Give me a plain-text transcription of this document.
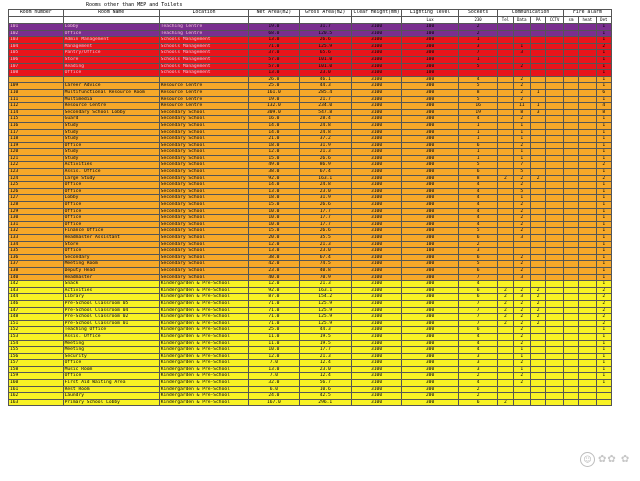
Rooms other than MEP and Toilets
Room number	Room Name	Location	Net Area(m2)	Gross Area(m2)	Clear Height(mm)	Lighting level	Sockets	Communication				Fire alarm		
						Lux	230	Tel	Data	PA	CCTV	sm	heat	Det
101	Lobby	Teaching Centre	19.0	31.7	3100	100	2							1
102	Office	Teaching Centre	68.0	120.5	3100	100	2							1
103	Admin Management	Schools Management	13.0	26.6	3100	300	1							1
104	Management	Schools Management	71.0	125.9	3100	300	3		1					2
105	Pantry/Office	Schools Management	37.0	65.6	3100	300	7		3					1
106	Store	Schools Management	57.0	101.0	3100	100	1							1
107	Reading	Schools Management	57.0	101.0	3100	300	5		2					1
108	Office	Schools Management	13.0	23.0	3100	100								1
			26.0	46.1	3100	300	4		2					1
109	Career Advice	Resource Centre	25.0	44.3	3100	300	5		2					1
110	Multifunctional Resource Room	Resource Centre	161.0	285.4	3100	300	8		2	1				6
111	Multimedia	Resource Centre	19.0	21.7	3100	300	5		2					1
112	Resource Centre	Resource Centre	132.0	234.0	3100	300	16		11	1				4
114	Secondary School Lobby	Secondary School	309.0	547.8	3100	300	19		8	3				8
115	Guard	Secondary School	16.0	28.4	3100	300	4		2					1
116	Study	Secondary School	14.0	24.8	3100	300	1		1					1
117	Study	Secondary School	14.0	24.8	3100	300	1		1					1
118	Study	Secondary School	21.0	37.2	3100	300	1		1					1
119	Office	Secondary School	18.0	31.9	3100	300	6		2					1
120	Study	Secondary School	12.0	21.3	3100	300	1		1					1
121	Study	Secondary School	15.0	26.6	3100	300	1		1					1
122	Activities	Secondary School	49.0	86.9	3100	300	5		7					2
123	Assis. Office	Secondary School	38.0	67.4	3100	300	6		5					1
124	Large Study	Secondary School	92.0	163.1	3100	300	8	2	2	2				2
125	Office	Secondary School	14.0	24.8	3100	300	4		2					1
126	Office	Secondary School	13.0	23.0	3100	300	4		5					1
127	Lobby	Secondary School	18.0	31.9	3100	300	4		1					1
128	Office	Secondary School	15.0	26.6	3100	300	4		2					1
129	Office	Secondary School	10.0	17.7	3100	300	4		2					1
130	Office	Secondary School	10.0	17.7	3100	300	4		2					1
131	Office	Secondary School	10.0	17.7	3100	300	4		2					1
132	Finance Office	Secondary School	15.0	26.6	3100	300	5		2					1
133	Headmaster Assistant	Secondary School	20.0	35.5	3100	300	6		3					1
134	Store	Secondary School	12.0	21.3	3100	100	2							1
135	Office	Secondary School	13.0	23.0	3100	100	3							1
136	Secondary	Secondary School	38.0	67.4	3100	300	6		2					1
137	Meeting Room	Secondary School	42.0	74.5	3100	300	5		2					1
138	Deputy Head	Secondary School	23.0	40.8	3100	300	6		2					1
140	Headmaster	Secondary School	40.0	70.9	3100	300	7		3					1
142	Snack	Kindergarden & Pre-School	12.0	21.3	3100	300	4							1
143	Activities	Kindergarden & Pre-School	92.0	163.1	3100	300	6	2	2	2				2
144	Library	Kindergarden & Pre-School	87.0	154.2	3100	300	6	2	3	2				2
146	Pre-School Classroom 05	Kindergarden & Pre-School	71.0	125.9	3100	300	7	2	2	2				2
147	Pre-School Classroom 04	Kindergarden & Pre-School	71.0	125.9	3100	300	7	2	2	2				2
148	Pre-School Classroom 02	Kindergarden & Pre-School	71.0	125.9	3100	300	7	2	2	2				2
151	Pre-School Classroom 01	Kindergarden & Pre-School	71.0	125.9	3100	300	7	2	2	2				2
152	Teaching Office	Kindergarden & Pre-School	25.0	44.3	3100	300	6		2					1
153	Assis. Office	Kindergarden & Pre-School	11.0	19.5	3100	300	4		2					1
154	Meeting	Kindergarden & Pre-School	11.0	19.5	3100	300	4		2					1
155	Meeting	Kindergarden & Pre-School	10.0	17.7	3100	300	4		1					1
156	Security	Kindergarden & Pre-School	12.0	21.3	3100	300	3		1					1
157	Office	Kindergarden & Pre-School	7.0	12.4	3100	300	3		2					1
158	Music Room	Kindergarden & Pre-School	13.0	23.0	3100	300	3		1					1
159	Office	Kindergarden & Pre-School	7.0	12.4	3100	300	2		2					1
160	First Aid Waiting Area	Kindergarden & Pre-School	32.0	56.7	3100	300	4		2					1
161	Rest Room	Kindergarden & Pre-School	6.0	10.6	3100	300	2							
162	Laundry	Kindergarden & Pre-School	24.0	42.5	3100	200	2							
163	Primary School Lobby	Kindergarden & Pre-School	167.0	296.1	3100	300	6	2						
☺ ✿✿ ✿
